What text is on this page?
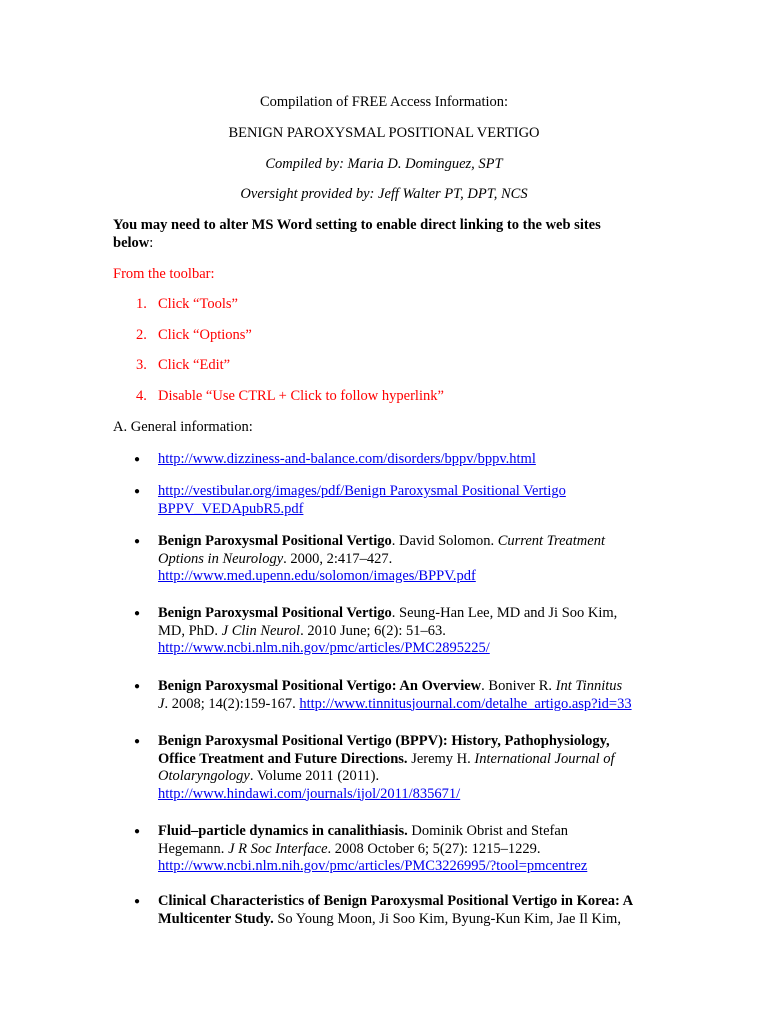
Compilation of FREE Access Information:
BENIGN PAROXYSMAL POSITIONAL VERTIGO
Compiled by: Maria D. Dominguez, SPT
Oversight provided by: Jeff Walter PT, DPT, NCS
You may need to alter MS Word setting to enable direct linking to the web sites
below:
From the toolbar:
1. Click “Tools”
2. Click “Options”
3. Click “Edit”
4. Disable “Use CTRL + Click to follow hyperlink”
A. General information:
● http://www.dizziness-and-balance.com/disorders/bppv/bppv.html
● http://vestibular.org/images/pdf/Benign Paroxysmal Positional Vertigo
BPPV_VEDApubR5.pdf
● Benign Paroxysmal Positional Vertigo. David Solomon. Current Treatment
Options in Neurology. 2000, 2:417–427.
http://www.med.upenn.edu/solomon/images/BPPV.pdf
● Benign Paroxysmal Positional Vertigo. Seung-Han Lee, MD and Ji Soo Kim,
MD, PhD. J Clin Neurol. 2010 June; 6(2): 51–63.
http://www.ncbi.nlm.nih.gov/pmc/articles/PMC2895225/
● Benign Paroxysmal Positional Vertigo: An Overview. Boniver R. Int Tinnitus
J. 2008; 14(2):159-167. http://www.tinnitusjournal.com/detalhe_artigo.asp?id=33
● Benign Paroxysmal Positional Vertigo (BPPV): History, Pathophysiology,
Office Treatment and Future Directions. Jeremy H. International Journal of
Otolaryngology. Volume 2011 (2011).
http://www.hindawi.com/journals/ijol/2011/835671/
● Fluid–particle dynamics in canalithiasis. Dominik Obrist and Stefan
Hegemann. J R Soc Interface. 2008 October 6; 5(27): 1215–1229.
http://www.ncbi.nlm.nih.gov/pmc/articles/PMC3226995/?tool=pmcentrez
● Clinical Characteristics of Benign Paroxysmal Positional Vertigo in Korea: A
Multicenter Study. So Young Moon, Ji Soo Kim, Byung-Kun Kim, Jae Il Kim,
